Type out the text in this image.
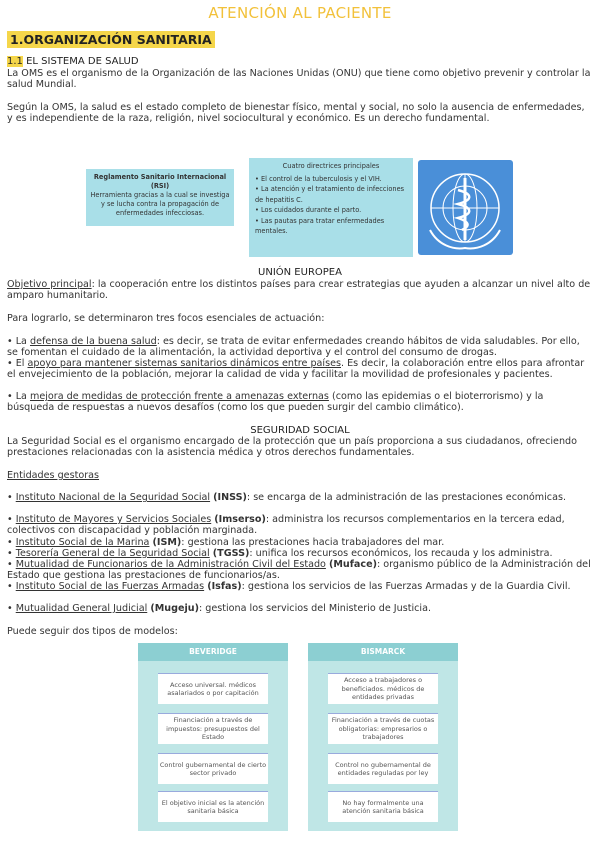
ATENCIÓN AL PACIENTE
1.ORGANIZACIÓN SANITARIA
1.1 EL SISTEMA DE SALUD
La OMS es el organismo de la Organización de las Naciones Unidas (ONU) que tiene como objetivo prevenir y controlar la salud Mundial.
Según la OMS, la salud es el estado completo de bienestar físico, mental y social, no solo la ausencia de enfermedades, y es independiente de la raza, religión, nivel sociocultural y económico. Es un derecho fundamental.
Reglamento Sanitario Internacional (RSI)
Herramienta gracias a la cual se investiga y se lucha contra la propagación de enfermedades infecciosas.
Cuatro directrices principales
• El control de la tuberculosis y el VIH.
• La atención y el tratamiento de infecciones de hepatitis C.
• Los cuidados durante el parto.
• Las pautas para tratar enfermedades mentales.
UNIÓN EUROPEA
Objetivo principal: la cooperación entre los distintos países para crear estrategias que ayuden a alcanzar un nivel alto de amparo humanitario.
Para lograrlo, se determinaron tres focos esenciales de actuación:
• La defensa de la buena salud: es decir, se trata de evitar enfermedades creando hábitos de vida saludables. Por ello, se fomentan el cuidado de la alimentación, la actividad deportiva y el control del consumo de drogas.
• El apoyo para mantener sistemas sanitarios dinámicos entre países. Es decir, la colaboración entre ellos para afrontar el envejecimiento de la población, mejorar la calidad de vida y facilitar la movilidad de profesionales y pacientes.
• La mejora de medidas de protección frente a amenazas externas (como las epidemias o el bioterrorismo) y la búsqueda de respuestas a nuevos desafíos (como los que pueden surgir del cambio climático).
SEGURIDAD SOCIAL
La Seguridad Social es el organismo encargado de la protección que un país proporciona a sus ciudadanos, ofreciendo prestaciones relacionadas con la asistencia médica y otros derechos fundamentales.
Entidades gestoras
• Instituto Nacional de la Seguridad Social (INSS): se encarga de la administración de las prestaciones económicas.
• Instituto de Mayores y Servicios Sociales (Imserso): administra los recursos complementarios en la tercera edad, colectivos con discapacidad y población marginada.
• Instituto Social de la Marina (ISM): gestiona las prestaciones hacia trabajadores del mar.
• Tesorería General de la Seguridad Social (TGSS): unifica los recursos económicos, los recauda y los administra.
• Mutualidad de Funcionarios de la Administración Civil del Estado (Muface): organismo público de la Administración del Estado que gestiona las prestaciones de funcionarios/as.
• Instituto Social de las Fuerzas Armadas (Isfas): gestiona los servicios de las Fuerzas Armadas y de la Guardia Civil.
• Mutualidad General Judicial (Mugeju): gestiona los servicios del Ministerio de Justicia.
Puede seguir dos tipos de modelos:
BEVERIDGE
Acceso universal. médicos asalariados o por capitación
Financiación a través de impuestos: presupuestos del Estado
Control gubernamental de cierto sector privado
El objetivo inicial es la atención sanitaria básica
BISMARCK
Acceso a trabajadores o beneficiados. médicos de entidades privadas
Financiación a través de cuotas obligatorias: empresarios o trabajadores
Control no gubernamental de entidades reguladas por ley
No hay formalmente una atención sanitaria básica
